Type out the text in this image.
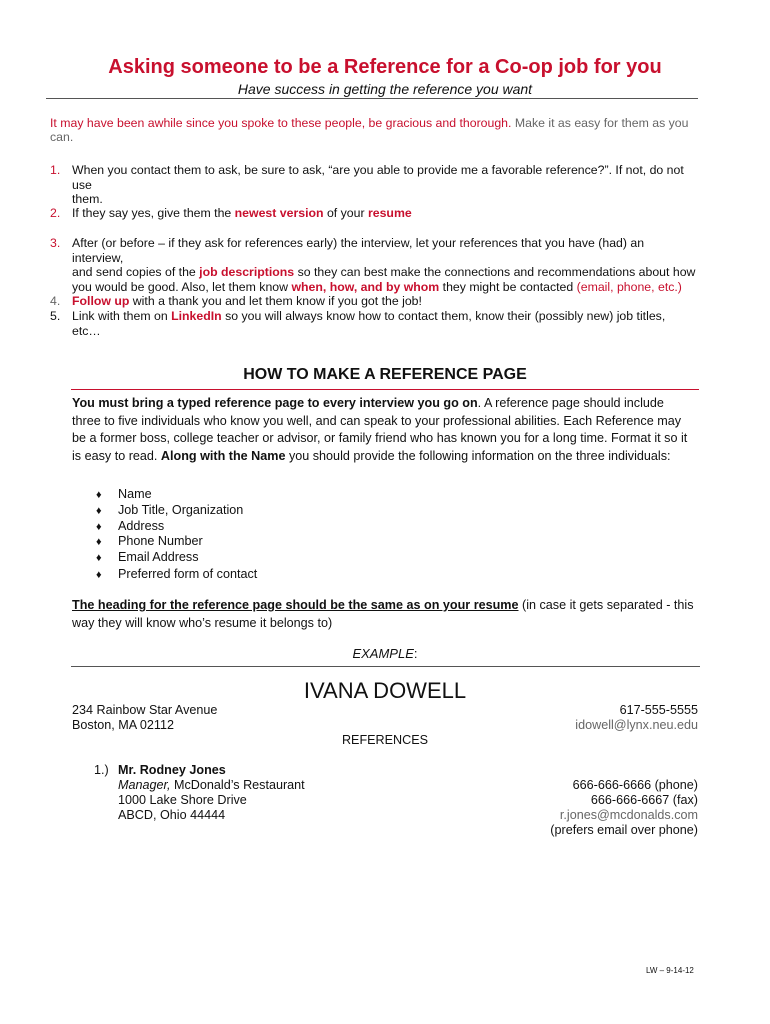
Asking someone to be a Reference for a Co-op job for you
Have success in getting the reference you want
It may have been awhile since you spoke to these people, be gracious and thorough. Make it as easy for them as you can.
1. When you contact them to ask, be sure to ask, “are you able to provide me a favorable reference?”. If not, do not use
them.
2. If they say yes, give them the newest version of your resume
3. After (or before – if they ask for references early) the interview, let your references that you have (had) an interview,
and send copies of the job descriptions so they can best make the connections and recommendations about how
you would be good. Also, let them know when, how, and by whom they might be contacted (email, phone, etc.)
4. Follow up with a thank you and let them know if you got the job!
5. Link with them on LinkedIn so you will always know how to contact them, know their (possibly new) job titles, etc…
HOW TO MAKE A REFERENCE PAGE
You must bring a typed reference page to every interview you go on. A reference page should include
three to five individuals who know you well, and can speak to your professional abilities. Each Reference may
be a former boss, college teacher or advisor, or family friend who has known you for a long time. Format it so it
is easy to read. Along with the Name you should provide the following information on the three individuals:
♦ Name
♦ Job Title, Organization
♦ Address
♦ Phone Number
♦ Email Address
♦ Preferred form of contact
The heading for the reference page should be the same as on your resume (in case it gets separated - this
way they will know who’s resume it belongs to)
EXAMPLE:
IVANA DOWELL
234 Rainbow Star Avenue
Boston, MA 02112
617-555-5555
idowell@lynx.neu.edu
REFERENCES
1.) Mr. Rodney Jones
Manager, McDonald’s Restaurant
1000 Lake Shore Drive
ABCD, Ohio 44444
666-666-6666 (phone)
666-666-6667 (fax)
r.jones@mcdonalds.com
(prefers email over phone)
LW – 9-14-12
